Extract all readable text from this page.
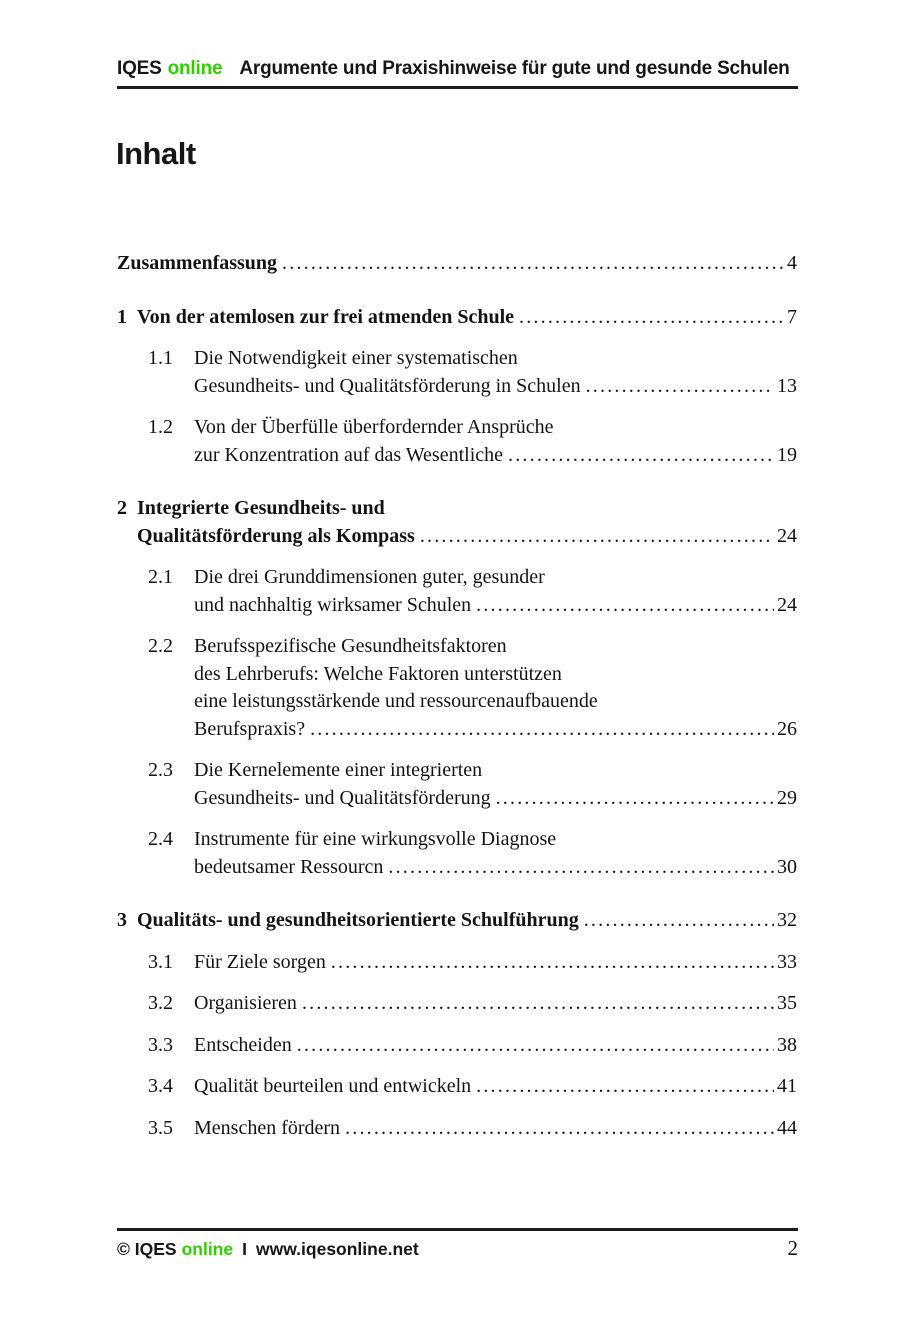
IQES online Argumente und Praxishinweise für gute und gesunde Schulen
Inhalt
Zusammenfassung .....	4
1 Von der atemlosen zur frei atmenden Schule .....	7
1.1	Die Notwendigkeit einer systematischen
Gesundheits- und Qualitätsförderung in Schulen .....	13
1.2	Von der Überfülle überfordernder Ansprüche
zur Konzentration auf das Wesentliche .....	19
2 Integrierte Gesundheits- und
Qualitätsförderung als Kompass .....	24
2.1	Die drei Grunddimensionen guter, gesunder
und nachhaltig wirksamer Schulen .....	24
2.2	Berufsspezifische Gesundheitsfaktoren
des Lehrberufs: Welche Faktoren unterstützen
eine leistungsstärkende und ressourcenaufbauende
Berufspraxis? .....	26
2.3	Die Kernelemente einer integrierten
Gesundheits- und Qualitätsförderung .....	29
2.4	Instrumente für eine wirkungsvolle Diagnose
bedeutsamer Ressourcn .....	30
3 Qualitäts- und gesundheitsorientierte Schulführung .....	32
3.1	Für Ziele sorgen .....	33
3.2	Organisieren .....	35
3.3	Entscheiden .....	38
3.4	Qualität beurteilen und entwickeln .....	41
3.5	Menschen fördern .....	44
© IQES online I www.iqesonline.net	2
